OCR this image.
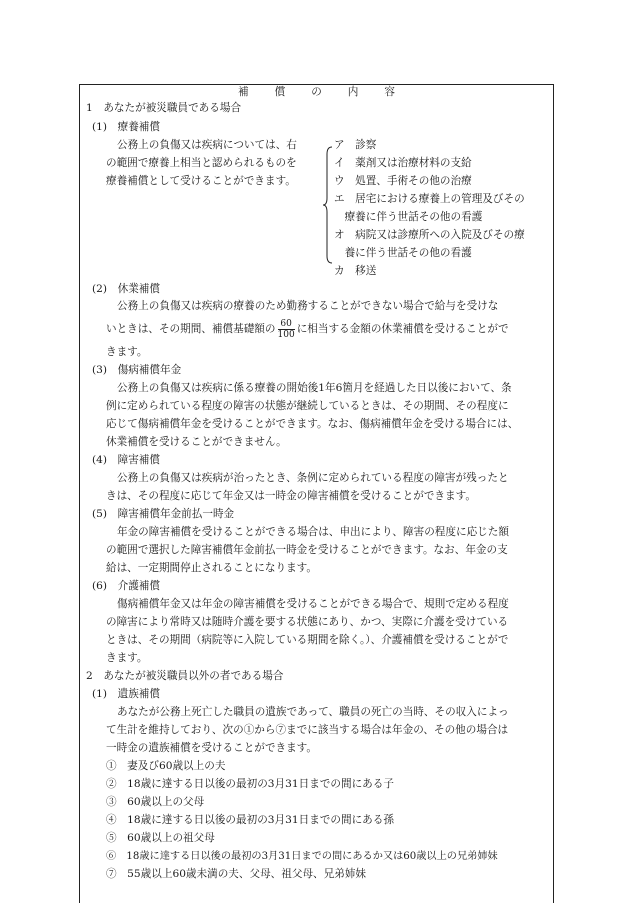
補償の内容
1　あなたが被災職員である場合
(1)　療養補償
公務上の負傷又は疾病については、右
の範囲で療養上相当と認められるものを
療養補償として受けることができます。
ア　診察
イ　薬剤又は治療材料の支給
ウ　処置、手術その他の治療
エ　居宅における療養上の管理及びその
　療養に伴う世話その他の看護
オ　病院又は診療所への入院及びその療
　養に伴う世話その他の看護
カ　移送
(2)　休業補償
公務上の負傷又は疾病の療養のため勤務することができない場合で給与を受けな
いときは、その期間、補償基礎額の $\frac{60}{100}$ に相当する金額の休業補償を受けることがで
きます。
(3)　傷病補償年金
公務上の負傷又は疾病に係る療養の開始後1年6箇月を経過した日以後において、条
例に定められている程度の障害の状態が継続しているときは、その期間、その程度に
応じて傷病補償年金を受けることができます。なお、傷病補償年金を受ける場合には、
休業補償を受けることができません。
(4)　障害補償
公務上の負傷又は疾病が治ったとき、条例に定められている程度の障害が残ったと
きは、その程度に応じて年金又は一時金の障害補償を受けることができます。
(5)　障害補償年金前払一時金
年金の障害補償を受けることができる場合は、申出により、障害の程度に応じた額
の範囲で選択した障害補償年金前払一時金を受けることができます。なお、年金の支
給は、一定期間停止されることになります。
(6)　介護補償
傷病補償年金又は年金の障害補償を受けることができる場合で、規則で定める程度
の障害により常時又は随時介護を要する状態にあり、かつ、実際に介護を受けている
ときは、その期間（病院等に入院している期間を除く。）、介護補償を受けることがで
きます。
2　あなたが被災職員以外の者である場合
(1)　遺族補償
あなたが公務上死亡した職員の遺族であって、職員の死亡の当時、その収入によっ
て生計を維持しており、次の①から⑦までに該当する場合は年金の、その他の場合は
一時金の遺族補償を受けることができます。
①　妻及び60歳以上の夫
②　18歳に達する日以後の最初の3月31日までの間にある子
③　60歳以上の父母
④　18歳に達する日以後の最初の3月31日までの間にある孫
⑤　60歳以上の祖父母
⑥　18歳に達する日以後の最初の3月31日までの間にあるか又は60歳以上の兄弟姉妹
⑦　55歳以上60歳未満の夫、父母、祖父母、兄弟姉妹
